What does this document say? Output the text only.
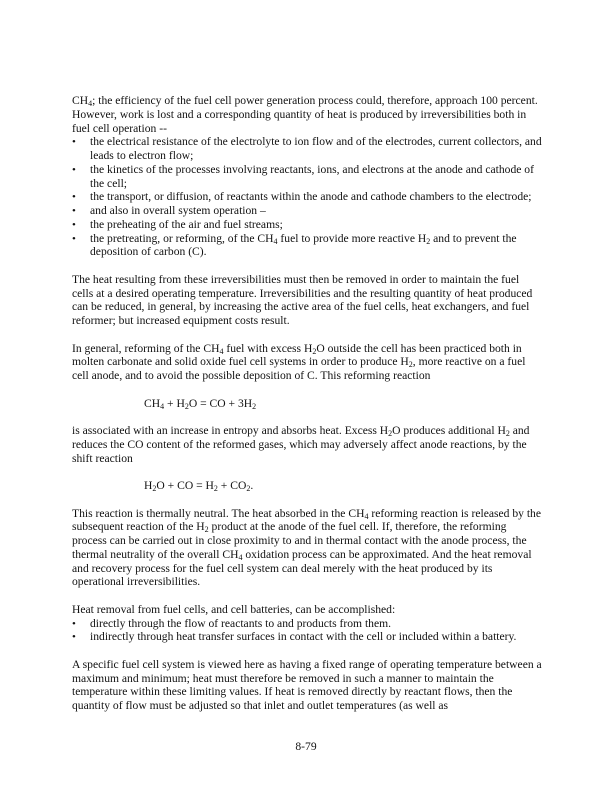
$CH_4$; the efficiency of the fuel cell power generation process could, therefore, approach 100 percent. However, work is lost and a corresponding quantity of heat is produced by irreversibilities both in fuel cell operation --

•
the electrical resistance of the electrolyte to ion flow and of the electrodes, current collectors, and leads to electron flow;
•
the kinetics of the processes involving reactants, ions, and electrons at the anode and cathode of the cell;
•
the transport, or diffusion, of reactants within the anode and cathode chambers to the electrode;
•
and also in overall system operation –
•
the preheating of the air and fuel streams;
•
the pretreating, or reforming, of the $CH_4$ fuel to provide more reactive $H_2$ and to prevent the deposition of carbon (C).

The heat resulting from these irreversibilities must then be removed in order to maintain the fuel cells at a desired operating temperature. Irreversibilities and the resulting quantity of heat produced can be reduced, in general, by increasing the active area of the fuel cells, heat exchangers, and fuel reformer; but increased equipment costs result.

In general, reforming of the $CH_4$ fuel with excess $H_2O$ outside the cell has been practiced both in molten carbonate and solid oxide fuel cell systems in order to produce $H_2$, more reactive on a fuel cell anode, and to avoid the possible deposition of C. This reforming reaction

$CH_4 + H_2O$ = CO + $3H_2$

is associated with an increase in entropy and absorbs heat. Excess $H_2O$ produces additional $H_2$ and reduces the CO content of the reformed gases, which may adversely affect anode reactions, by the shift reaction

$H_2O$ + CO = $H_2 + CO_2$.

This reaction is thermally neutral. The heat absorbed in the $CH_4$ reforming reaction is released by the subsequent reaction of the $H_2$ product at the anode of the fuel cell. If, therefore, the reforming process can be carried out in close proximity to and in thermal contact with the anode process, the thermal neutrality of the overall $CH_4$ oxidation process can be approximated. And the heat removal and recovery process for the fuel cell system can deal merely with the heat produced by its operational irreversibilities.

Heat removal from fuel cells, and cell batteries, can be accomplished:

•
directly through the flow of reactants to and products from them.
•
indirectly through heat transfer surfaces in contact with the cell or included within a battery.

A specific fuel cell system is viewed here as having a fixed range of operating temperature between a maximum and minimum; heat must therefore be removed in such a manner to maintain the temperature within these limiting values. If heat is removed directly by reactant flows, then the quantity of flow must be adjusted so that inlet and outlet temperatures (as well as

8-79
